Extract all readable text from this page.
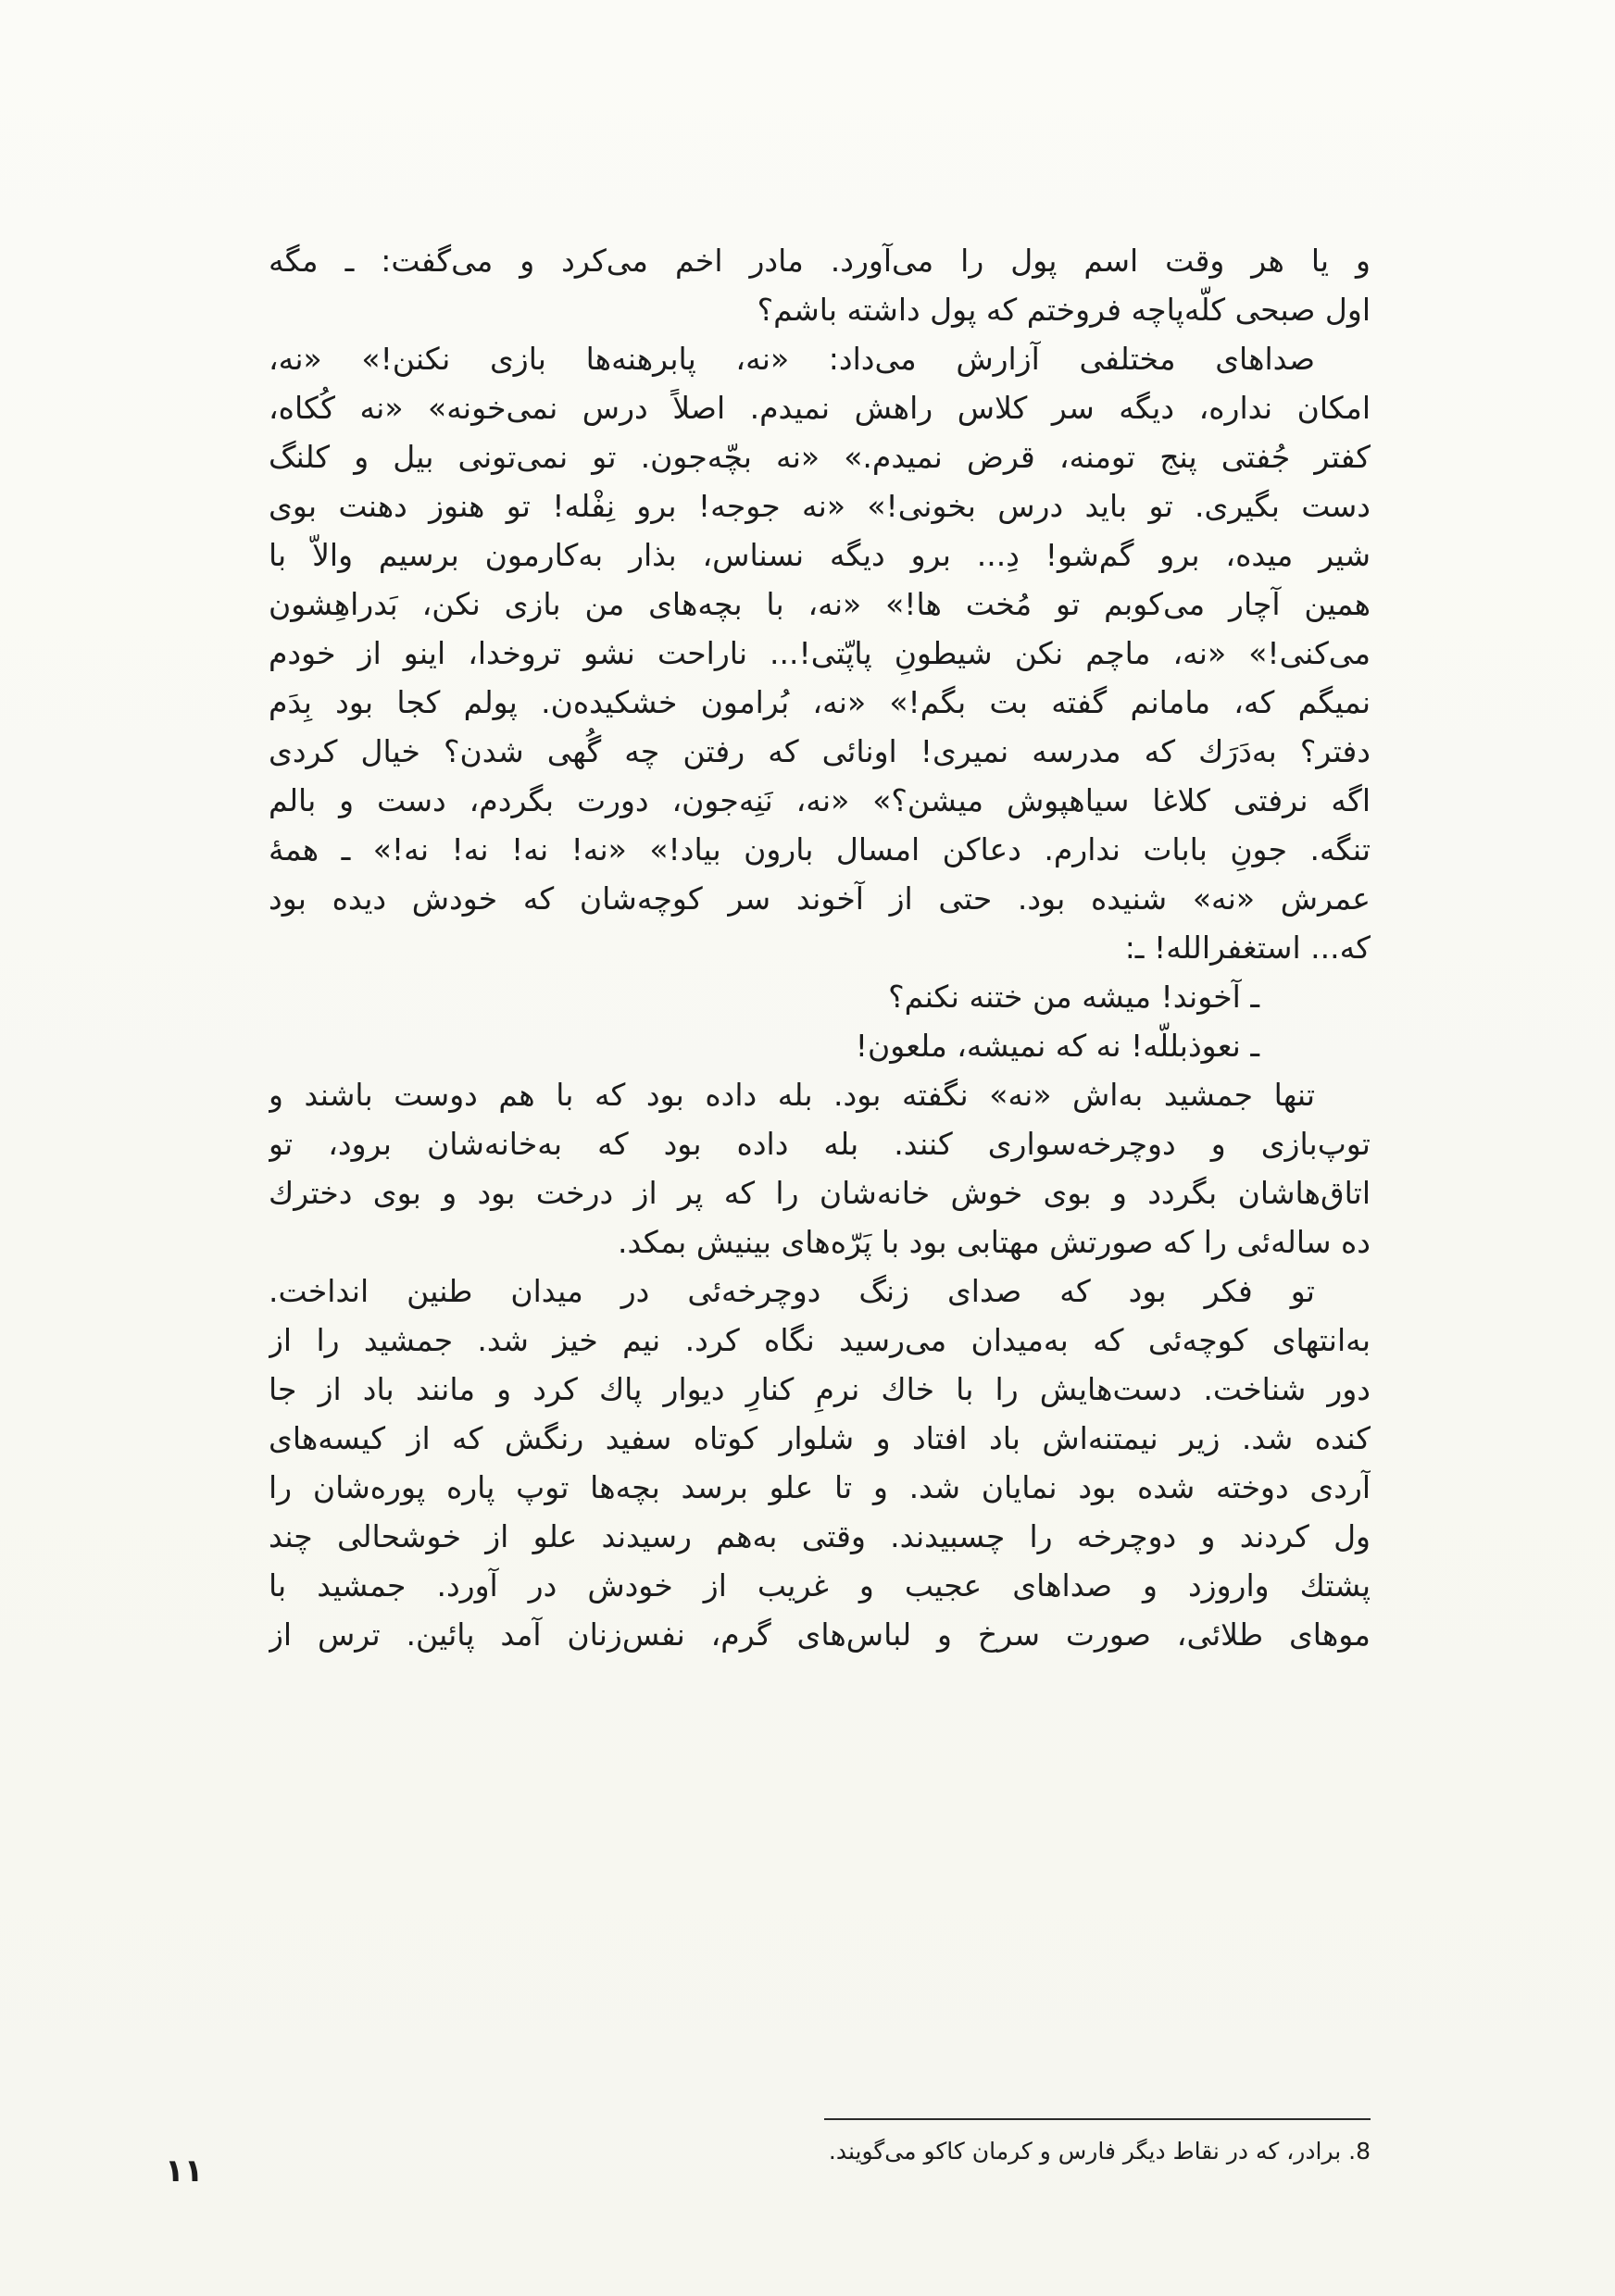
و یا هر وقت اسم پول را می‌آورد. مادر اخم می‌کرد و می‌گفت: ـ مگه
اول صبحی کلّه‌پاچه فروختم که پول داشته باشم؟
صداهای مختلفی آزارش می‌داد: «نه، پابرهنه‌ها بازی نکنن!» «نه،
امکان نداره، دیگه سر کلاس راهش نمیدم. اصلاً درس نمی‌خونه» «نه کُکاه،
کفتر جُفتی پنج تومنه، قرض نمیدم.» «نه بچّه‌جون. تو نمی‌تونی بیل و کلنگ
دست بگیری. تو باید درس بخونی!» «نه جوجه! برو نِفْله! تو هنوز دهنت بوی
شیر میده، برو گم‌شو! دِ... برو دیگه نسناس، بذار به‌کارمون برسیم والاّ با
همین آچار می‌کوبم تو مُخت ها!» «نه، با بچه‌های من بازی نکن، بَدراهِشون
می‌کنی!» «نه، ماچم نکن شیطونِ پاپّتی!... ناراحت نشو تروخدا، اینو از خودم
نمیگم که، مامانم گفته بت بگم!» «نه، بُرامون خشکیده‌ن. پولم کجا بود بِدَم
دفتر؟ به‌دَرَك که مدرسه نمیری! اونائی که رفتن چه گُهی شدن؟ خیال کردی
اگه نرفتی کلاغا سیاهپوش میشن؟» «نه، نَنِه‌جون، دورت بگردم، دست و بالم
تنگه. جونِ بابات ندارم. دعاکن امسال بارون بیاد!» «نه! نه! نه! نه!» ـ همهٔ
عمرش «نه» شنیده بود. حتی از آخوند سر کوچه‌شان که خودش دیده بود
که... استغفرالله! ـ:
ـ آخوند! میشه من ختنه نکنم؟
ـ نعوذبللّه! نه که نمیشه، ملعون!
تنها جمشید به‌اش «نه» نگفته بود. بله داده بود که با هم دوست باشند و
توپ‌بازی و دوچرخه‌سواری کنند. بله داده بود که به‌خانه‌شان برود، تو
اتاق‌هاشان بگردد و بوی خوش خانه‌شان را که پر از درخت بود و بوی دخترك
ده ساله‌ئی را که صورتش مهتابی بود با پَرّه‌های بینیش بمکد.
تو فکر بود که صدای زنگ دوچرخه‌ئی در میدان طنین انداخت.
به‌انتهای کوچه‌ئی که به‌میدان می‌رسید نگاه کرد. نیم خیز شد. جمشید را از
دور شناخت. دست‌هایش را با خاك نرمِ کنارِ دیوار پاك کرد و مانند باد از جا
کنده شد. زیر نیمتنه‌اش باد افتاد و شلوار کوتاه سفید رنگش که از کیسه‌های
آردی دوخته شده بود نمایان شد. و تا علو برسد بچه‌ها توپ پاره پوره‌شان را
ول کردند و دوچرخه را چسبیدند. وقتی به‌هم رسیدند علو از خوشحالی چند
پشتك واروزد و صداهای عجیب و غریب از خودش در آورد. جمشید با
موهای طلائی، صورت سرخ و لباس‌های گرم، نفس‌زنان آمد پائین. ترس از
8. برادر، که در نقاط دیگر فارس و کرمان کاکو می‌گویند.
۱۱
